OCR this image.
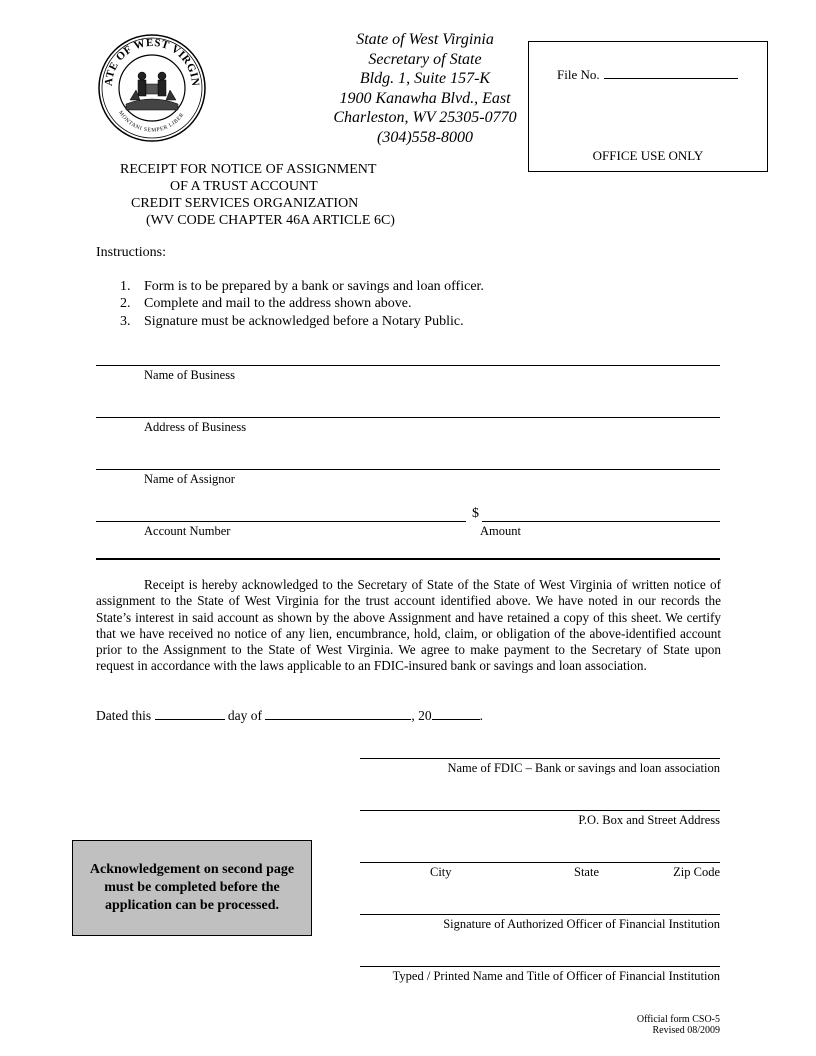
ATE OF WEST VIRGIN
MONTANI SEMPER LIBER
State of West Virginia
Secretary of State
Bldg. 1, Suite 157-K
1900 Kanawha Blvd., East
Charleston, WV 25305-0770
(304)558-8000
File No.
OFFICE USE ONLY
RECEIPT FOR NOTICE OF ASSIGNMENT
OF A TRUST ACCOUNT
CREDIT SERVICES ORGANIZATION
(WV CODE CHAPTER 46A ARTICLE 6C)
Instructions:
1. Form is to be prepared by a bank or savings and loan officer.
2. Complete and mail to the address shown above.
3. Signature must be acknowledged before a Notary Public.
Name of Business
Address of Business
Name of Assignor
$
Account Number	Amount
Receipt is hereby acknowledged to the Secretary of State of the State of West Virginia of written notice of assignment to the State of West Virginia for the trust account identified above. We have noted in our records the State’s interest in said account as shown by the above Assignment and have retained a copy of this sheet. We certify that we have received no notice of any lien, encumbrance, hold, claim, or obligation of the above-identified account prior to the Assignment to the State of West Virginia. We agree to make payment to the Secretary of State upon request in accordance with the laws applicable to an FDIC-insured bank or savings and loan association.
Dated this	day of	, 20	.
Name of FDIC – Bank or savings and loan association
P.O. Box and Street Address
City	State	Zip Code
Signature of Authorized Officer of Financial Institution
Typed / Printed Name and Title of Officer of Financial Institution
Acknowledgement on second page must be completed before the application can be processed.
Official form CSO-5
Revised 08/2009
